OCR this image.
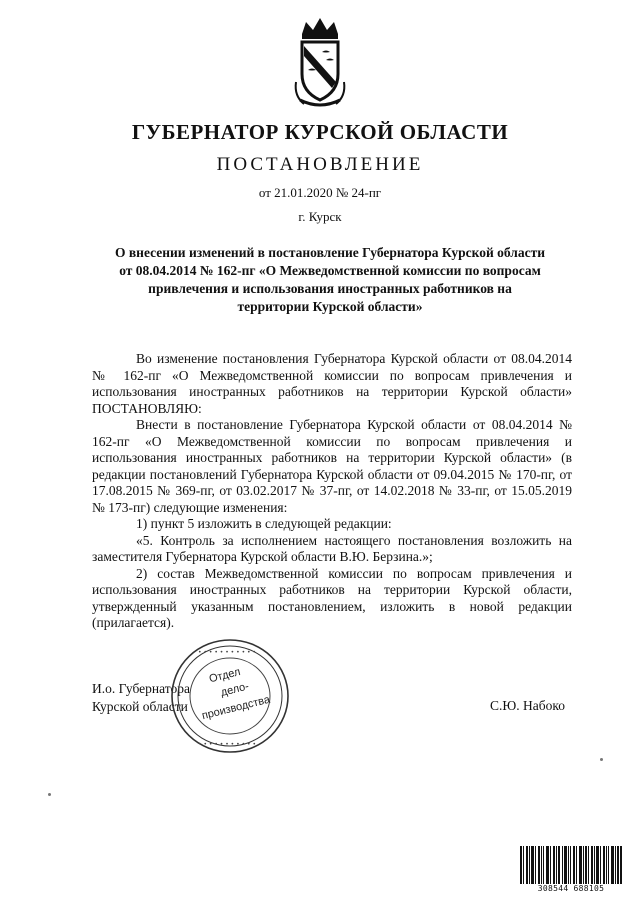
ГУБЕРНАТОР КУРСКОЙ ОБЛАСТИ
ПОСТАНОВЛЕНИЕ
от 21.01.2020 № 24-пг
г. Курск
О внесении изменений в постановление Губернатора Курской области
от 08.04.2014 № 162-пг «О Межведомственной комиссии по вопросам
привлечения и использования иностранных работников на
территории Курской области»

Во изменение постановления Губернатора Курской области от 08.04.2014 № 162-пг «О Межведомственной комиссии по вопросам привлечения и использования иностранных работников на территории Курской области» ПОСТАНОВЛЯЮ:

Внести в постановление Губернатора Курской области от 08.04.2014 № 162-пг «О Межведомственной комиссии по вопросам привлечения и использования иностранных работников на территории Курской области» (в редакции постановлений Губернатора Курской области от 09.04.2015 № 170-пг, от 17.08.2015 № 369-пг, от 03.02.2017 № 37-пг, от 14.02.2018 № 33-пг, от 15.05.2019 № 173-пг) следующие изменения:

1) пункт 5 изложить в следующей редакции:

«5. Контроль за исполнением настоящего постановления возложить на заместителя Губернатора Курской области В.Ю. Берзина.»;

2) состав Межведомственной комиссии по вопросам привлечения и использования иностранных работников на территории Курской области, утвержденный указанным постановлением, изложить в новой редакции (прилагается).

И.о. Губернатора
Курской области
• • • • • • • • • • •
• • • • • • • • • • •
Отдел
дело-
производства	С.Ю. Набоко
308544 688105
